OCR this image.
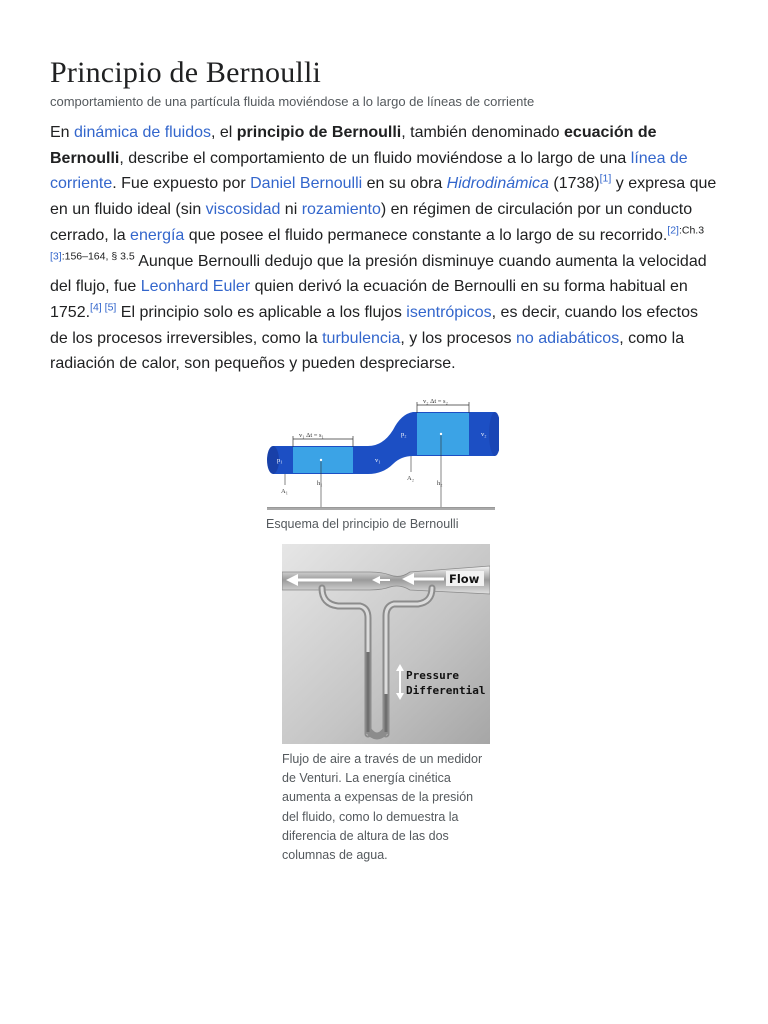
Principio de Bernoulli
comportamiento de una partícula fluida moviéndose a lo largo de líneas de corriente
En dinámica de fluidos, el principio de Bernoulli, también denominado ecuación de Bernoulli, describe el comportamiento de un fluido moviéndose a lo largo de una línea de corriente. Fue expuesto por Daniel Bernoulli en su obra Hidrodinámica (1738)[1] y expresa que en un fluido ideal (sin viscosidad ni rozamiento) en régimen de circulación por un conducto cerrado, la energía que posee el fluido permanece constante a lo largo de su recorrido.$^{[2]:Ch.3 [3]:156-164, \S 3.5}$ Aunque Bernoulli dedujo que la presión disminuye cuando aumenta la velocidad del flujo, fue Leonhard Euler quien derivó la ecuación de Bernoulli en su forma habitual en 1752.[4] [5] El principio solo es aplicable a los flujos isentrópicos, es decir, cuando los efectos de los procesos irreversibles, como la turbulencia, y los procesos no adiabáticos, como la radiación de calor, son pequeños y pueden despreciarse.
v₁ Δt = s₁
v₂ Δt = s₂
p₁
p₂
v₁
v₂
A₁
A₂
h₁	h₂
Esquema del principio de Bernoulli
Flow
Pressure
Differential
Flujo de aire a través de un medidor de Venturi. La energía cinética aumenta a expensas de la presión del fluido, como lo demuestra la diferencia de altura de las dos columnas de agua.
